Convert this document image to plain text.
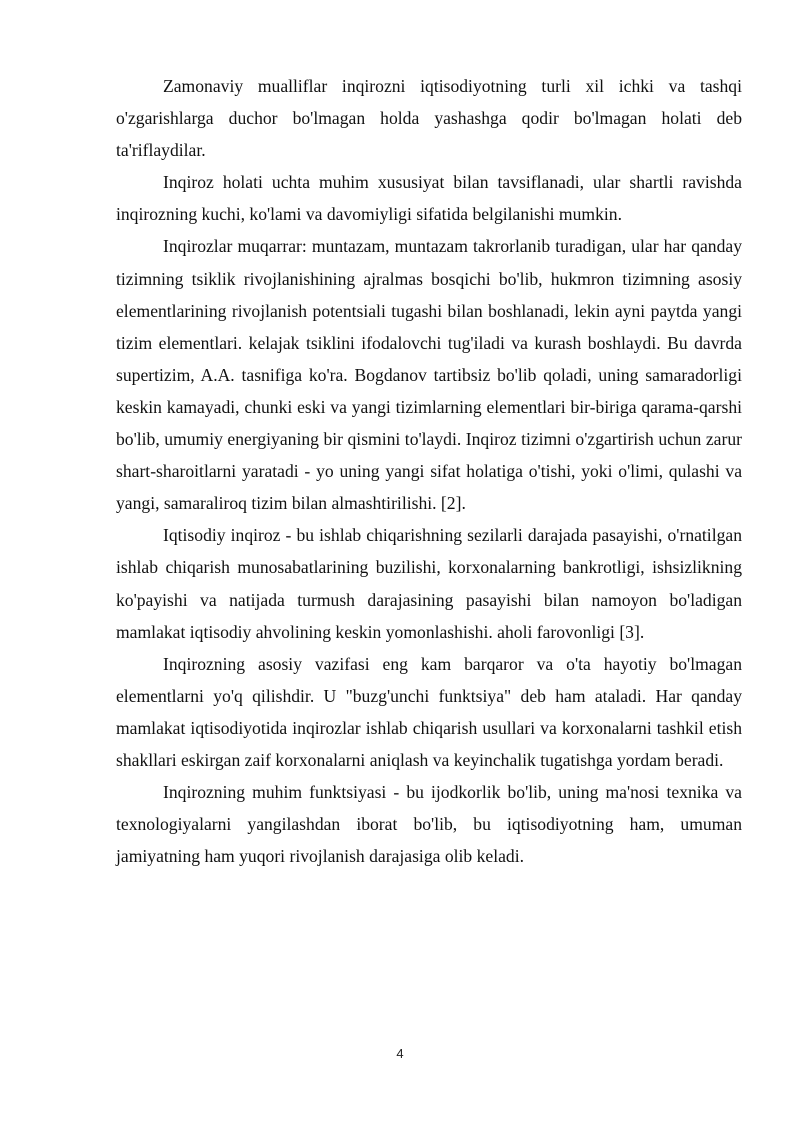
Zamonaviy mualliflar inqirozni iqtisodiyotning turli xil ichki va tashqi o'zgarishlarga duchor bo'lmagan holda yashashga qodir bo'lmagan holati deb ta'riflaydilar.

Inqiroz holati uchta muhim xususiyat bilan tavsiflanadi, ular shartli ravishda inqirozning kuchi, ko'lami va davomiyligi sifatida belgilanishi mumkin.

Inqirozlar muqarrar: muntazam, muntazam takrorlanib turadigan, ular har qanday tizimning tsiklik rivojlanishining ajralmas bosqichi bo'lib, hukmron tizimning asosiy elementlarining rivojlanish potentsiali tugashi bilan boshlanadi, lekin ayni paytda yangi tizim elementlari. kelajak tsiklini ifodalovchi tug'iladi va kurash boshlaydi. Bu davrda supertizim, A.A. tasnifiga ko'ra. Bogdanov tartibsiz bo'lib qoladi, uning samaradorligi keskin kamayadi, chunki eski va yangi tizimlarning elementlari bir-biriga qarama-qarshi bo'lib, umumiy energiyaning bir qismini to'laydi. Inqiroz tizimni o'zgartirish uchun zarur shart-sharoitlarni yaratadi - yo uning yangi sifat holatiga o'tishi, yoki o'limi, qulashi va yangi, samaraliroq tizim bilan almashtirilishi. [2].

Iqtisodiy inqiroz - bu ishlab chiqarishning sezilarli darajada pasayishi, o'rnatilgan ishlab chiqarish munosabatlarining buzilishi, korxonalarning bankrotligi, ishsizlikning ko'payishi va natijada turmush darajasining pasayishi bilan namoyon bo'ladigan mamlakat iqtisodiy ahvolining keskin yomonlashishi. aholi farovonligi [3].

Inqirozning asosiy vazifasi eng kam barqaror va o'ta hayotiy bo'lmagan elementlarni yo'q qilishdir. U "buzg'unchi funktsiya" deb ham ataladi. Har qanday mamlakat iqtisodiyotida inqirozlar ishlab chiqarish usullari va korxonalarni tashkil etish shakllari eskirgan zaif korxonalarni aniqlash va keyinchalik tugatishga yordam beradi.

Inqirozning muhim funktsiyasi - bu ijodkorlik bo'lib, uning ma'nosi texnika va texnologiyalarni yangilashdan iborat bo'lib, bu iqtisodiyotning ham, umuman jamiyatning ham yuqori rivojlanish darajasiga olib keladi.

4
